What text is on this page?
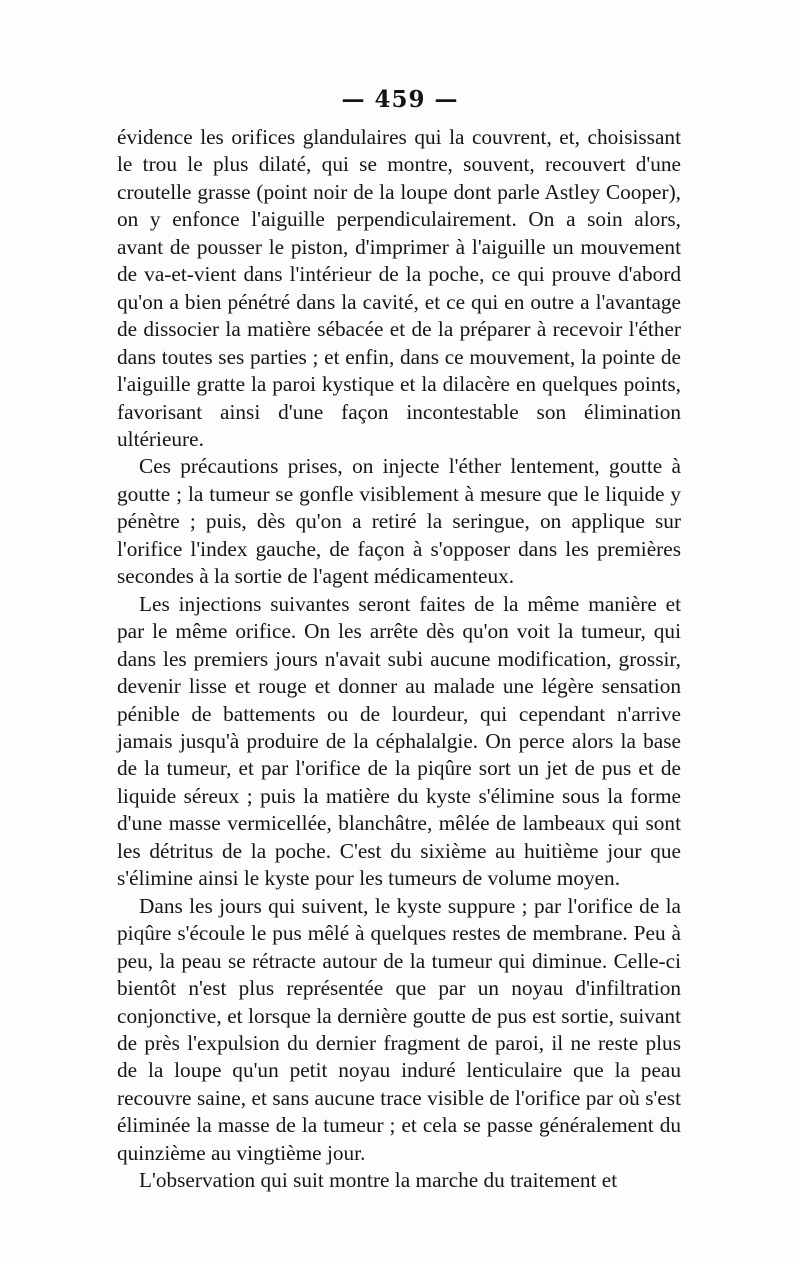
— 459 —

évidence les orifices glandulaires qui la couvrent, et, choisissant le trou le plus dilaté, qui se montre, souvent, recouvert d'une croutelle grasse (point noir de la loupe dont parle Astley Cooper), on y enfonce l'aiguille perpendiculairement. On a soin alors, avant de pousser le piston, d'imprimer à l'aiguille un mouvement de va-et-vient dans l'intérieur de la poche, ce qui prouve d'abord qu'on a bien pénétré dans la cavité, et ce qui en outre a l'avantage de dissocier la matière sébacée et de la préparer à recevoir l'éther dans toutes ses parties ; et enfin, dans ce mouvement, la pointe de l'aiguille gratte la paroi kystique et la dilacère en quelques points, favorisant ainsi d'une façon incontestable son élimination ultérieure.

Ces précautions prises, on injecte l'éther lentement, goutte à goutte ; la tumeur se gonfle visiblement à mesure que le liquide y pénètre ; puis, dès qu'on a retiré la seringue, on applique sur l'orifice l'index gauche, de façon à s'opposer dans les premières secondes à la sortie de l'agent médicamenteux.

Les injections suivantes seront faites de la même manière et par le même orifice. On les arrête dès qu'on voit la tumeur, qui dans les premiers jours n'avait subi aucune modification, grossir, devenir lisse et rouge et donner au malade une légère sensation pénible de battements ou de lourdeur, qui cependant n'arrive jamais jusqu'à produire de la céphalalgie. On perce alors la base de la tumeur, et par l'orifice de la piqûre sort un jet de pus et de liquide séreux ; puis la matière du kyste s'élimine sous la forme d'une masse vermicellée, blanchâtre, mêlée de lambeaux qui sont les détritus de la poche. C'est du sixième au huitième jour que s'élimine ainsi le kyste pour les tumeurs de volume moyen.

Dans les jours qui suivent, le kyste suppure ; par l'orifice de la piqûre s'écoule le pus mêlé à quelques restes de membrane. Peu à peu, la peau se rétracte autour de la tumeur qui diminue. Celle-ci bientôt n'est plus représentée que par un noyau d'infiltration conjonctive, et lorsque la dernière goutte de pus est sortie, suivant de près l'expulsion du dernier fragment de paroi, il ne reste plus de la loupe qu'un petit noyau induré lenticulaire que la peau recouvre saine, et sans aucune trace visible de l'orifice par où s'est éliminée la masse de la tumeur ; et cela se passe généralement du quinzième au vingtième jour.

L'observation qui suit montre la marche du traitement et
